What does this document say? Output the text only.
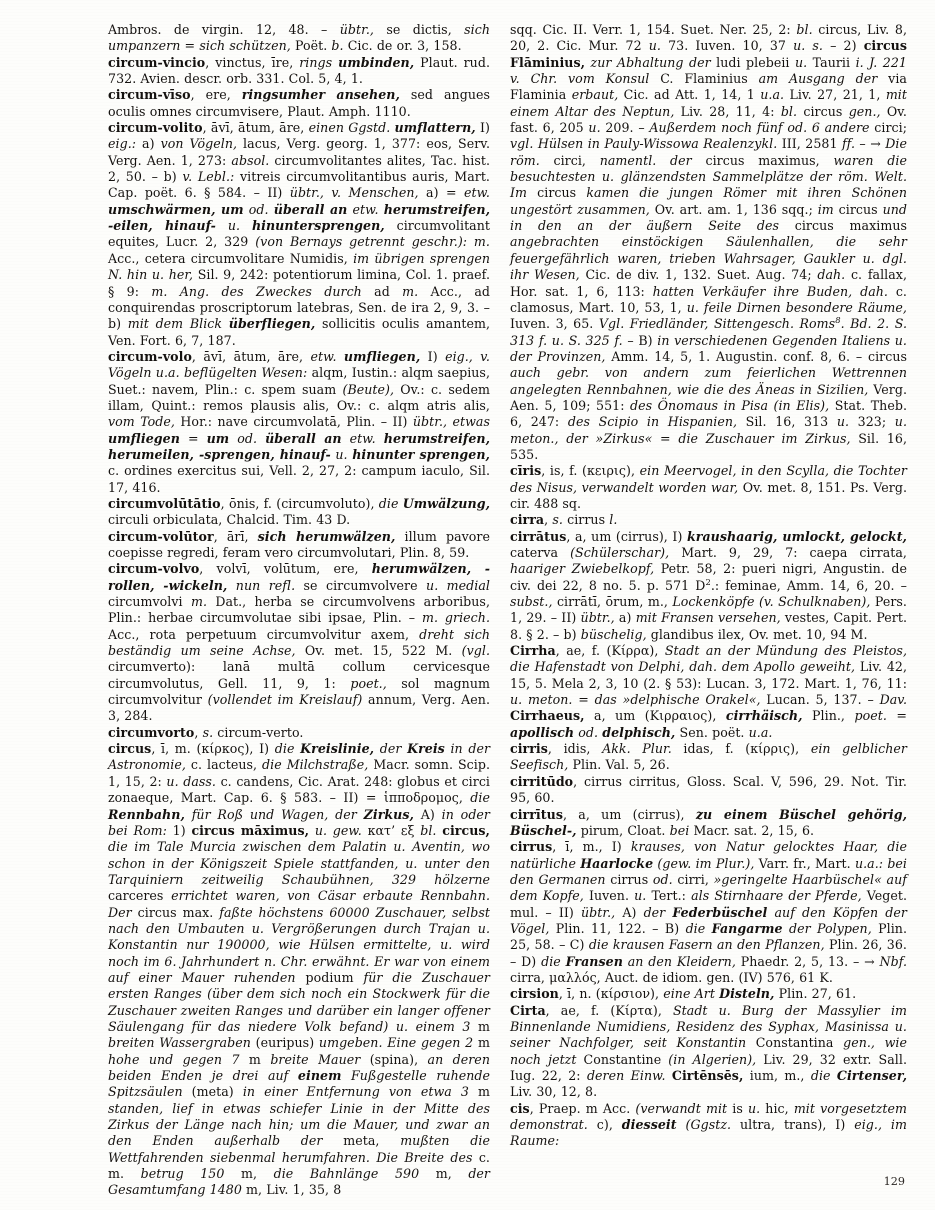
Ambros. de virgin. 12, 48. – übtr., se dictis, sich umpanzern = sich schützen, Poët. b. Cic. de or. 3, 158.

circum-vincio, vinctus, īre, rings umbinden, Plaut. rud. 732. Avien. descr. orb. 331. Col. 5, 4, 1.

circum-vīso, ere, ringsumher ansehen, sed angues oculis omnes circumvisere, Plaut. Amph. 1110.

circum-volito, āvī, ātum, āre, einen Ggstd. umflattern, I) eig.: a) von Vögeln, lacus, Verg. georg. 1, 377: eos, Serv. Verg. Aen. 1, 273: absol. circumvolitantes alites, Tac. hist. 2, 50. – b) v. Lebl.: vitreis circumvolitantibus auris, Mart. Cap. poët. 6. § 584. – II) übtr., v. Menschen, a) = etw. umschwärmen, um od. überall an etw. herumstreifen, -eilen, hinauf- u. hinuntersprengen, circumvolitant equites, Lucr. 2, 329 (von Bernays getrennt geschr.): m. Acc., cetera circumvolitare Numidis, im übrigen sprengen N. hin u. her, Sil. 9, 242: potentiorum limina, Col. 1. praef. § 9: m. Ang. des Zweckes durch ad m. Acc., ad conquirendas proscriptorum latebras, Sen. de ira 2, 9, 3. – b) mit dem Blick überfliegen, sollicitis oculis amantem, Ven. Fort. 6, 7, 187.

circum-volo, āvī, ātum, āre, etw. umfliegen, I) eig., v. Vögeln u.a. beflügelten Wesen: alqm, Iustin.: alqm saepius, Suet.: navem, Plin.: c. spem suam (Beute), Ov.: c. sedem illam, Quint.: remos plausis alis, Ov.: c. alqm atris alis, vom Tode, Hor.: nave circumvolatā, Plin. – II) übtr., etwas umfliegen = um od. überall an etw. herumstreifen, herumeilen, -sprengen, hinauf- u. hinunter sprengen, c. ordines exercitus sui, Vell. 2, 27, 2: campum iaculo, Sil. 17, 416.

circumvolūtātio, ōnis, f. (circumvoluto), die Umwälzung, circuli orbiculata, Chalcid. Tim. 43 D.

circum-volūtor, ārī, sich herumwälzen, illum pavore coepisse regredi, feram vero circumvolutari, Plin. 8, 59.

circum-volvo, volvī, volūtum, ere, herumwälzen, -rollen, -wickeln, nun refl. se circumvolvere u. medial circumvolvi m. Dat., herba se circumvolvens arboribus, Plin.: herbae circumvolutae sibi ipsae, Plin. – m. griech. Acc., rota perpetuum circumvolvitur axem, dreht sich beständig um seine Achse, Ov. met. 15, 522 M. (vgl. circumverto): lanā multā collum cervicesque circumvolutus, Gell. 11, 9, 1: poet., sol magnum circumvolvitur (vollendet im Kreislauf) annum, Verg. Aen. 3, 284.

circumvorto, s. circum-verto.

circus, ī, m. (κίρκος), I) die Kreislinie, der Kreis in der Astronomie, c. lacteus, die Milchstraße, Macr. somn. Scip. 1, 15, 2: u. dass. c. candens, Cic. Arat. 248: globus et circi zonaeque, Mart. Cap. 6. § 583. – II) = ἱπποδρομος, die Rennbahn, für Roß und Wagen, der Zirkus, A) in oder bei Rom: 1) circus māximus, u. gew. κατ’ εξ bl. circus, die im Tale Murcia zwischen dem Palatin u. Aventin, wo schon in der Königszeit Spiele stattfanden, u. unter den Tarquiniern zeitweilig Schaubühnen, 329 hölzerne carceres errichtet waren, von Cäsar erbaute Rennbahn. Der circus max. faßte höchstens 60000 Zuschauer, selbst nach den Umbauten u. Vergrößerungen durch Trajan u. Konstantin nur 190000, wie Hülsen ermittelte, u. wird noch im 6. Jahrhundert n. Chr. erwähnt. Er war von einem auf einer Mauer ruhenden podium für die Zuschauer ersten Ranges (über dem sich noch ein Stockwerk für die Zuschauer zweiten Ranges und darüber ein langer offener Säulengang für das niedere Volk befand) u. einem 3 m breiten Wassergraben (euripus) umgeben. Eine gegen 2 m hohe und gegen 7 m breite Mauer (spina), an deren beiden Enden je drei auf einem Fußgestelle ruhende Spitzsäulen (meta) in einer Entfernung von etwa 3 m standen, lief in etwas schiefer Linie in der Mitte des Zirkus der Länge nach hin; um die Mauer, und zwar an den Enden außerhalb der meta, mußten die Wettfahrenden siebenmal herumfahren. Die Breite des c. m. betrug 150 m, die Bahnlänge 590 m, der Gesamtumfang 1480 m, Liv. 1, 35, 8

sqq. Cic. II. Verr. 1, 154. Suet. Ner. 25, 2: bl. circus, Liv. 8, 20, 2. Cic. Mur. 72 u. 73. Iuven. 10, 37 u. s. – 2) circus Flāminius, zur Abhaltung der ludi plebeii u. Taurii i. J. 221 v. Chr. vom Konsul C. Flaminius am Ausgang der via Flaminia erbaut, Cic. ad Att. 1, 14, 1 u.a. Liv. 27, 21, 1, mit einem Altar des Neptun, Liv. 28, 11, 4: bl. circus gen., Ov. fast. 6, 205 u. 209. – Außerdem noch fünf od. 6 andere circi; vgl. Hülsen in Pauly-Wissowa Realenzykl. III, 2581 ff. – → Die röm. circi, namentl. der circus maximus, waren die besuchtesten u. glänzendsten Sammelplätze der röm. Welt. Im circus kamen die jungen Römer mit ihren Schönen ungestört zusammen, Ov. art. am. 1, 136 sqq.; im circus und in den an der äußern Seite des circus maximus angebrachten einstöckigen Säulenhallen, die sehr feuergefährlich waren, trieben Wahrsager, Gaukler u. dgl. ihr Wesen, Cic. de div. 1, 132. Suet. Aug. 74; dah. c. fallax, Hor. sat. 1, 6, 113: hatten Verkäufer ihre Buden, dah. c. clamosus, Mart. 10, 53, 1, u. feile Dirnen besondere Räume, Iuven. 3, 65. Vgl. Friedländer, Sittengesch. Roms$^8$. Bd. 2. S. 313 f. u. S. 325 f. – B) in verschiedenen Gegenden Italiens u. der Provinzen, Amm. 14, 5, 1. Augustin. conf. 8, 6. – circus auch gebr. von andern zum feierlichen Wettrennen angelegten Rennbahnen, wie die des Äneas in Sizilien, Verg. Aen. 5, 109; 551: des Önomaus in Pisa (in Elis), Stat. Theb. 6, 247: des Scipio in Hispanien, Sil. 16, 313 u. 323; u. meton., der »Zirkus« = die Zuschauer im Zirkus, Sil. 16, 535.

cīris, is, f. (κειρις), ein Meervogel, in den Scylla, die Tochter des Nisus, verwandelt worden war, Ov. met. 8, 151. Ps. Verg. cir. 488 sq.

cirra, s. cirrus l.

cirrātus, a, um (cirrus), I) kraushaarig, umlockt, gelockt, caterva (Schülerschar), Mart. 9, 29, 7: caepa cirrata, haariger Zwiebelkopf, Petr. 58, 2: pueri nigri, Angustin. de civ. dei 22, 8 no. 5. p. 571 $D^2$.: feminae, Amm. 14, 6, 20. – subst., cirrātī, ōrum, m., Lockenköpfe (v. Schulknaben), Pers. 1, 29. – II) übtr., a) mit Fransen versehen, vestes, Capit. Pert. 8. § 2. – b) büschelig, glandibus ilex, Ov. met. 10, 94 M.

Cirrha, ae, f. (Κίρρα), Stadt an der Mündung des Pleistos, die Hafenstadt von Delphi, dah. dem Apollo geweiht, Liv. 42, 15, 5. Mela 2, 3, 10 (2. § 53): Lucan. 3, 172. Mart. 1, 76, 11: u. meton. = das »delphische Orakel«, Lucan. 5, 137. – Dav. Cirrhaeus, a, um (Κιρραιος), cirrhäisch, Plin., poet. = apollisch od. delphisch, Sen. poët. u.a.

cirris, idis, Akk. Plur. idas, f. (κίρρις), ein gelblicher Seefisch, Plin. Val. 5, 26.

cirritūdo, cirrus cirritus, Gloss. Scal. V, 596, 29. Not. Tir. 95, 60.

cirrītus, a, um (cirrus), zu einem Büschel gehörig, Büschel-, pirum, Cloat. bei Macr. sat. 2, 15, 6.

cirrus, ī, m., I) krauses, von Natur gelocktes Haar, die natürliche Haarlocke (gew. im Plur.), Varr. fr., Mart. u.a.: bei den Germanen cirrus od. cirri, »geringelte Haarbüschel« auf dem Kopfe, Iuven. u. Tert.: als Stirnhaare der Pferde, Veget. mul. – II) übtr., A) der Federbüschel auf den Köpfen der Vögel, Plin. 11, 122. – B) die Fangarme der Polypen, Plin. 25, 58. – C) die krausen Fasern an den Pflanzen, Plin. 26, 36. – D) die Fransen an den Kleidern, Phaedr. 2, 5, 13. – → Nbf. cirra, μαλλός, Auct. de idiom. gen. (IV) 576, 61 K.

cirsion, ī, n. (κίρσιον), eine Art Disteln, Plin. 27, 61.

Cirta, ae, f. (Κίρτα), Stadt u. Burg der Massylier im Binnenlande Numidiens, Residenz des Syphax, Masinissa u. seiner Nachfolger, seit Konstantin Constantina gen., wie noch jetzt Constantine (in Algerien), Liv. 29, 32 extr. Sall. Iug. 22, 2: deren Einw. Cirtēnsēs, ium, m., die Cirtenser, Liv. 30, 12, 8.

cis, Praep. m Acc. (verwandt mit is u. hic, mit vorgesetztem demonstrat. c), diesseit (Ggstz. ultra, trans), I) eig., im Raume:

129
